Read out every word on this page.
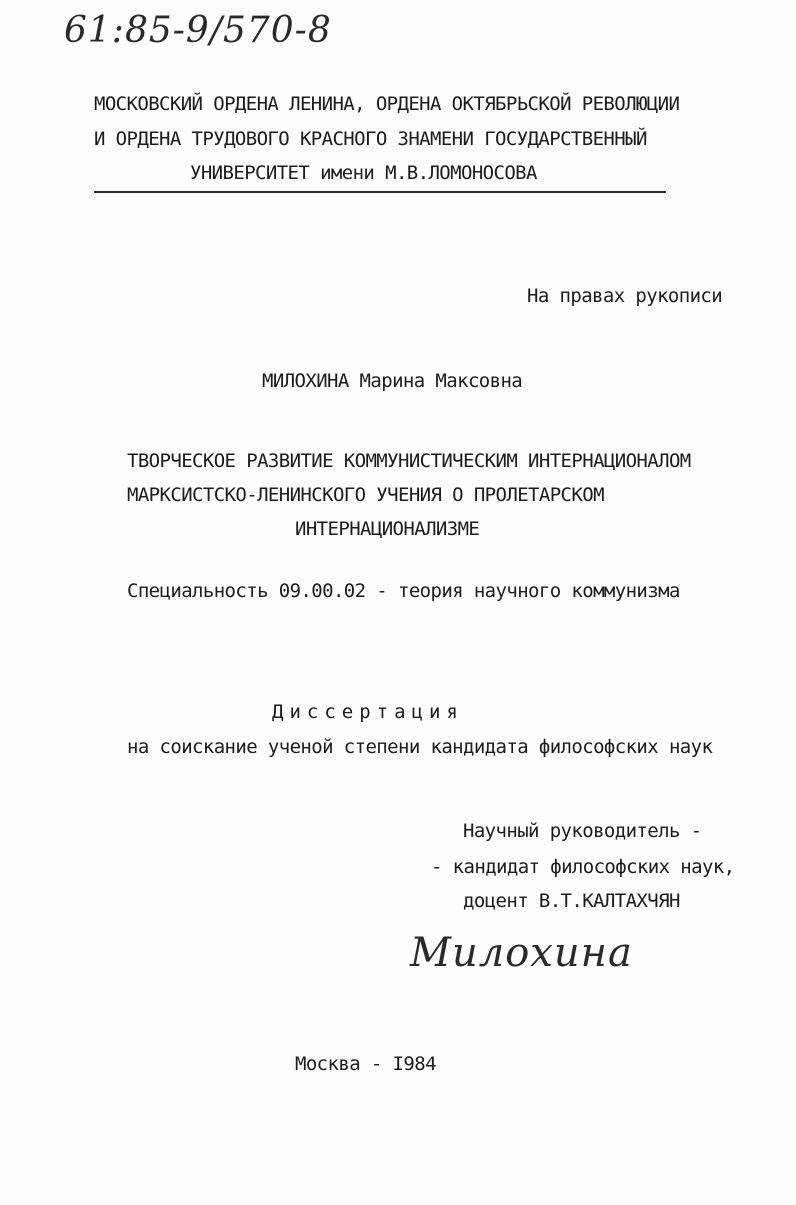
61:85-9/570-8
МОСКОВСКИЙ ОРДЕНА ЛЕНИНА, ОРДЕНА ОКТЯБРЬСКОЙ РЕВОЛЮЦИИ
И ОРДЕНА ТРУДОВОГО КРАСНОГО ЗНАМЕНИ ГОСУДАРСТВЕННЫЙ
УНИВЕРСИТЕТ имени М.В.ЛОМОНОСОВА
На правах рукописи
МИЛОХИНА Марина Максовна
ТВОРЧЕСКОЕ РАЗВИТИЕ КОММУНИСТИЧЕСКИМ ИНТЕРНАЦИОНАЛОМ
МАРКСИСТСКО-ЛЕНИНСКОГО УЧЕНИЯ О ПРОЛЕТАРСКОМ
ИНТЕРНАЦИОНАЛИЗМЕ
Специальность 09.00.02 - теория научного коммунизма
Диссертация
на соискание ученой степени кандидата философских наук
Научный руководитель -
- кандидат философских наук,
доцент В.Т.КАЛТАХЧЯН
Милохина
Москва - I984
